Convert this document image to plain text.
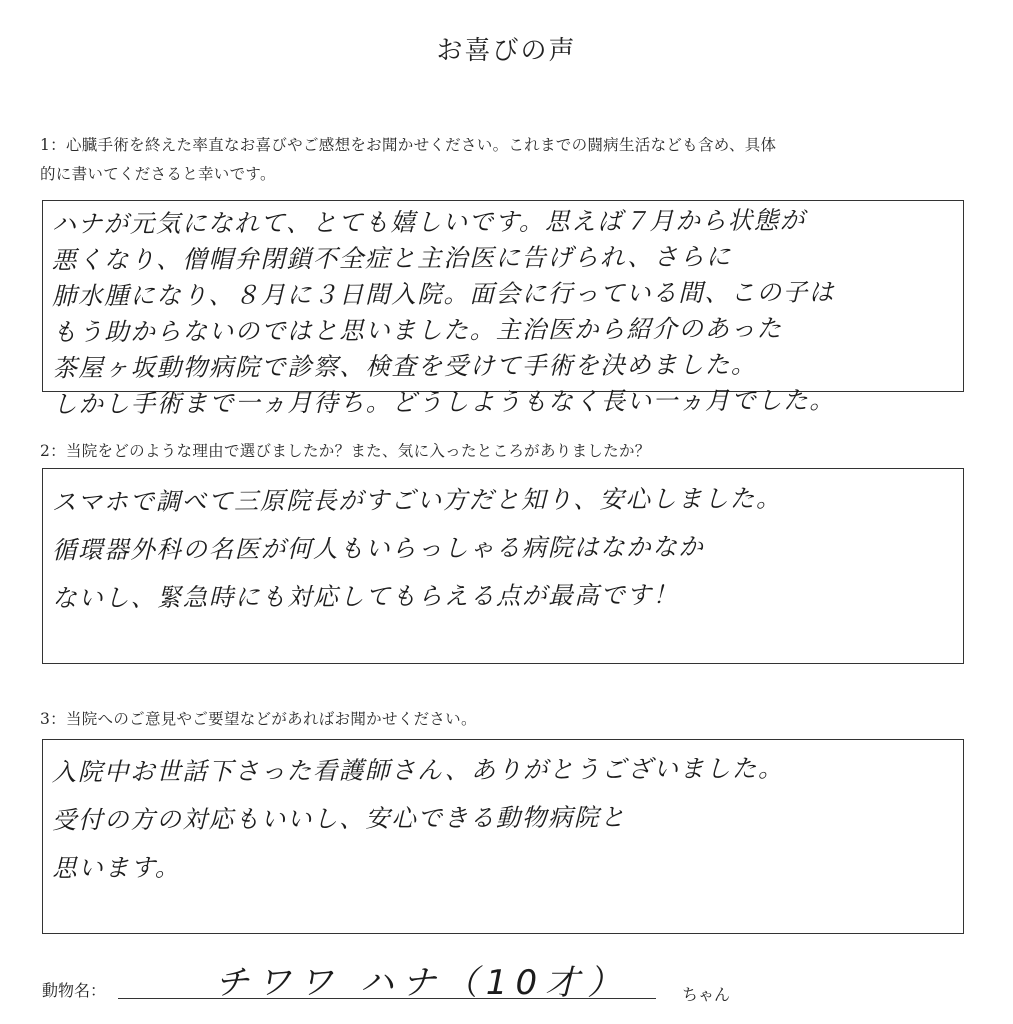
お喜びの声
1：心臓手術を終えた率直なお喜びやご感想をお聞かせください。これまでの闘病生活なども含め、具体
的に書いてくださると幸いです。
ハナが元気になれて、とても嬉しいです。思えば７月から状態が
悪くなり、僧帽弁閉鎖不全症と主治医に告げられ、さらに
肺水腫になり、８月に３日間入院。面会に行っている間、この子は
もう助からないのではと思いました。主治医から紹介のあった
茶屋ヶ坂動物病院で診察、検査を受けて手術を決めました。
しかし手術まで一ヵ月待ち。どうしようもなく長い一ヵ月でした。
2：当院をどのような理由で選びましたか？また、気に入ったところがありましたか？
スマホで調べて三原院長がすごい方だと知り、安心しました。
循環器外科の名医が何人もいらっしゃる病院はなかなか
ないし、緊急時にも対応してもらえる点が最高です！
3：当院へのご意見やご要望などがあればお聞かせください。
入院中お世話下さった看護師さん、ありがとうございました。
受付の方の対応もいいし、安心できる動物病院と
思います。
動物名：	チワワ ハナ（10才）	ちゃん
